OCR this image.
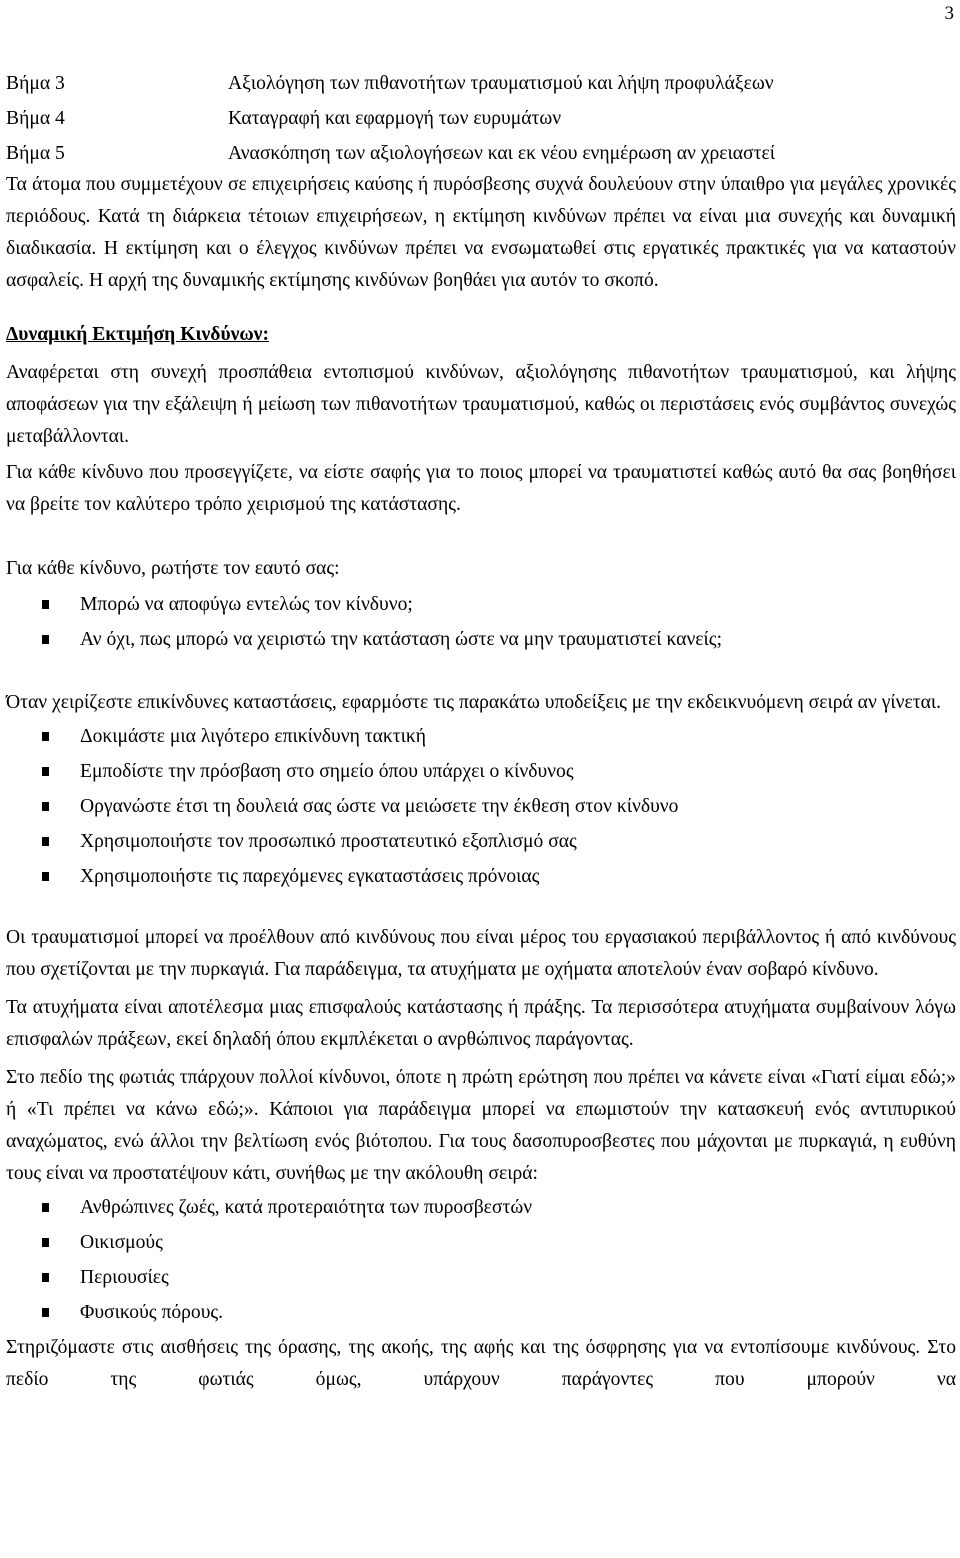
3
Βήμα 3	Αξιολόγηση των πιθανοτήτων τραυματισμού και λήψη προφυλάξεων
Βήμα 4	Καταγραφή και εφαρμογή των ευρυμάτων
Βήμα 5	Ανασκόπηση των αξιολογήσεων και εκ νέου ενημέρωση αν χρειαστεί

Τα άτομα που συμμετέχουν σε επιχειρήσεις καύσης ή πυρόσβεσης συχνά δουλεύουν στην ύπαιθρο για μεγάλες χρονικές περιόδους. Κατά τη διάρκεια τέτοιων επιχειρήσεων, η εκτίμηση κινδύνων πρέπει να είναι μια συνεχής και δυναμική διαδικασία. Η εκτίμηση και ο έλεγχος κινδύνων πρέπει να ενσωματωθεί στις εργατικές πρακτικές για να καταστούν ασφαλείς. Η αρχή της δυναμικής εκτίμησης κινδύνων βοηθάει για αυτόν το σκοπό.

Δυναμική Εκτιμήση Κινδύνων:

Αναφέρεται στη συνεχή προσπάθεια εντοπισμού κινδύνων, αξιολόγησης πιθανοτήτων τραυματισμού, και λήψης αποφάσεων για την εξάλειψη ή μείωση των πιθανοτήτων τραυματισμού, καθώς οι περιστάσεις ενός συμβάντος συνεχώς μεταβάλλονται.

Για κάθε κίνδυνο που προσεγγίζετε, να είστε σαφής για το ποιος μπορεί να τραυματιστεί καθώς αυτό θα σας βοηθήσει να βρείτε τον καλύτερο τρόπο χειρισμού της κατάστασης.

Για κάθε κίνδυνο, ρωτήστε τον εαυτό σας:

Μπορώ να αποφύγω εντελώς τον κίνδυνο;
Αν όχι, πως μπορώ να χειριστώ την κατάσταση ώστε να μην τραυματιστεί κανείς;

Όταν χειρίζεστε επικίνδυνες καταστάσεις, εφαρμόστε τις παρακάτω υποδείξεις με την εκδεικνυόμενη σειρά αν γίνεται.

Δοκιμάστε μια λιγότερο επικίνδυνη τακτική
Εμποδίστε την πρόσβαση στο σημείο όπου υπάρχει ο κίνδυνος
Οργανώστε έτσι τη δουλειά σας ώστε να μειώσετε την έκθεση στον κίνδυνο
Χρησιμοποιήστε τον προσωπικό προστατευτικό εξοπλισμό σας
Χρησιμοποιήστε τις παρεχόμενες εγκαταστάσεις πρόνοιας

Οι τραυματισμοί μπορεί να προέλθουν από κινδύνους που είναι μέρος του εργασιακού περιβάλλοντος ή από κινδύνους που σχετίζονται με την πυρκαγιά. Για παράδειγμα, τα ατυχήματα με οχήματα αποτελούν έναν σοβαρό κίνδυνο.

Τα ατυχήματα είναι αποτέλεσμα μιας επισφαλούς κατάστασης ή πράξης. Τα περισσότερα ατυχήματα συμβαίνουν λόγω επισφαλών πράξεων, εκεί δηλαδή όπου εκμπλέκεται ο ανρθώπινος παράγοντας.

Στο πεδίο της φωτιάς τπάρχουν πολλοί κίνδυνοι, όποτε η πρώτη ερώτηση που πρέπει να κάνετε είναι «Γιατί είμαι εδώ;» ή «Τι πρέπει να κάνω εδώ;». Κάποιοι για παράδειγμα μπορεί να επωμιστούν την κατασκευή ενός αντιπυρικού αναχώματος, ενώ άλλοι την βελτίωση ενός βιότοπου. Για τους δασοπυροσβεστες που μάχονται με πυρκαγιά, η ευθύνη τους είναι να προστατέψουν κάτι, συνήθως με την ακόλουθη σειρά:

Ανθρώπινες ζωές, κατά προτεραιότητα των πυροσβεστών
Οικισμούς
Περιουσίες
Φυσικούς πόρους.

Στηριζόμαστε στις αισθήσεις της όρασης, της ακοής, της αφής και της όσφρησης για να εντοπίσουμε κινδύνους. Στο πεδίο της φωτιάς όμως, υπάρχουν παράγοντες που μπορούν να
